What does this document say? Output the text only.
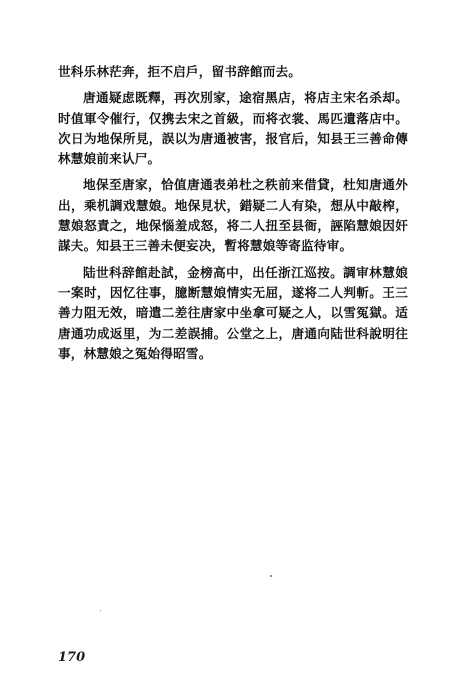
世科乐林茫奔，拒不启戶，留书辞館而去。

唐通疑虑既釋，再次別家，途宿黑店，将店主宋名杀却。时值軍令催行，仅携去宋之首級，而将衣裳、馬匹遺落店中。次日为地保所見，誤以为唐通被害，报官后，知县王三善命傳林慧娘前来认尸。

地保至唐家，恰值唐通表弟杜之秩前来借貸，杜知唐通外出，乘机調戏慧娘。地保見状，錯疑二人有染，想从中敲榨，慧娘怒責之，地保惱羞成怒，将二人扭至县衙，誣陷慧娘因奸謀夫。知县王三善未便妄决，暫将慧娘等寄监待审。

陆世科辞館赴試，金榜高中，出任浙江巡按。調审林慧娘一案时，因忆往事，臆断慧娘情实无屈，遂将二人判斬。王三善力阻无效，暗遣二差往唐家中坐拿可疑之人，以雪冤獄。适唐通功成返里，为二差誤捕。公堂之上，唐通向陆世科說明往事，林慧娘之冤始得昭雪。

170
